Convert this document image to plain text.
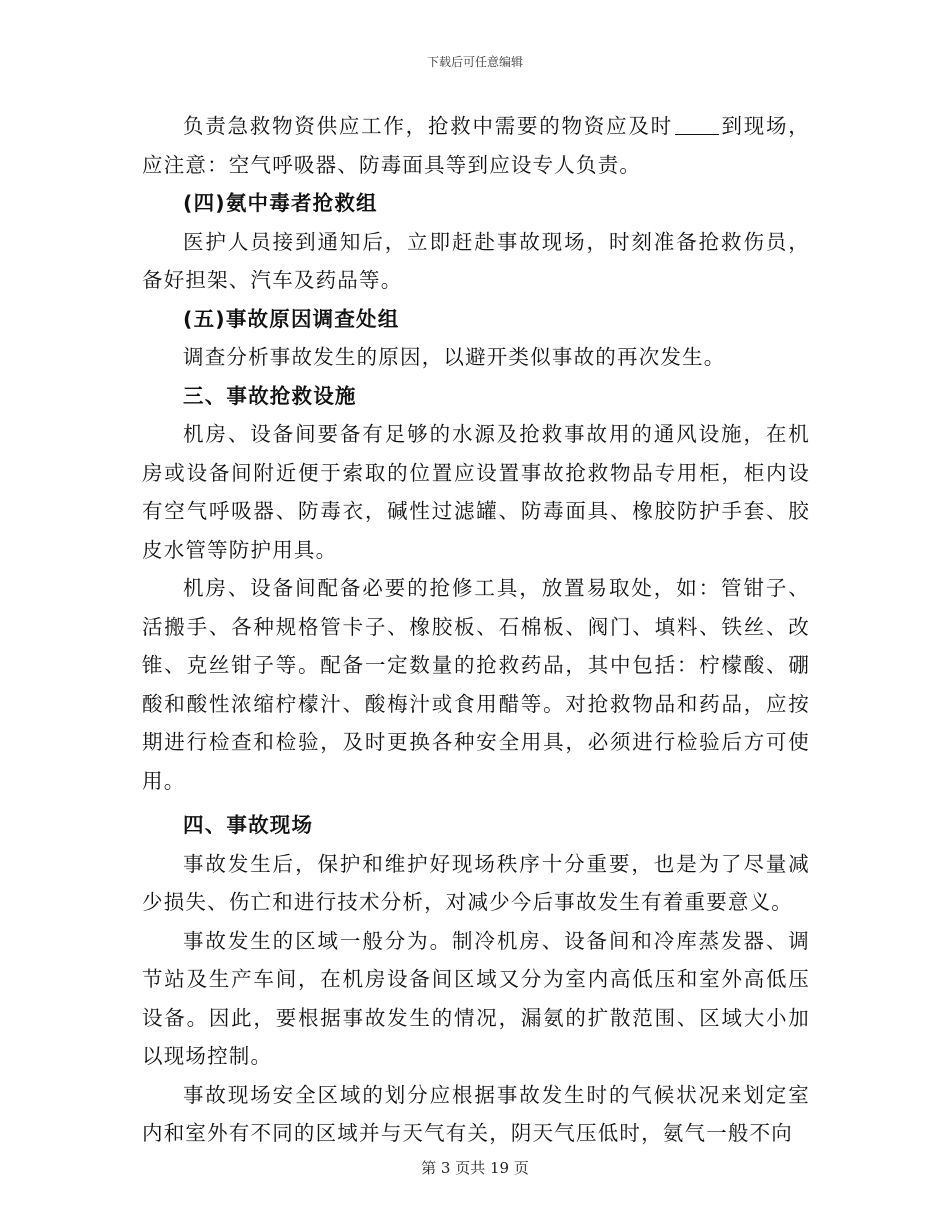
下载后可任意编辑

负责急救物资供应工作，抢救中需要的物资应及时 到现场，应注意：空气呼吸器、防毒面具等到应设专人负责。

(四)氨中毒者抢救组

医护人员接到通知后，立即赶赴事故现场，时刻准备抢救伤员，备好担架、汽车及药品等。

(五)事故原因调查处组

调查分析事故发生的原因，以避开类似事故的再次发生。

三、事故抢救设施

机房、设备间要备有足够的水源及抢救事故用的通风设施，在机房或设备间附近便于索取的位置应设置事故抢救物品专用柜，柜内设有空气呼吸器、防毒衣，碱性过滤罐、防毒面具、橡胶防护手套、胶皮水管等防护用具。

机房、设备间配备必要的抢修工具，放置易取处，如：管钳子、活搬手、各种规格管卡子、橡胶板、石棉板、阀门、填料、铁丝、改锥、克丝钳子等。配备一定数量的抢救药品，其中包括：柠檬酸、硼酸和酸性浓缩柠檬汁、酸梅汁或食用醋等。对抢救物品和药品，应按期进行检查和检验，及时更换各种安全用具，必须进行检验后方可使用。

四、事故现场

事故发生后，保护和维护好现场秩序十分重要，也是为了尽量减少损失、伤亡和进行技术分析，对减少今后事故发生有着重要意义。

事故发生的区域一般分为。制冷机房、设备间和冷库蒸发器、调节站及生产车间，在机房设备间区域又分为室内高低压和室外高低压设备。因此，要根据事故发生的情况，漏氨的扩散范围、区域大小加以现场控制。

事故现场安全区域的划分应根据事故发生时的气候状况来划定室内和室外有不同的区域并与天气有关，阴天气压低时，氨气一般不向

第 3 页共 19 页
